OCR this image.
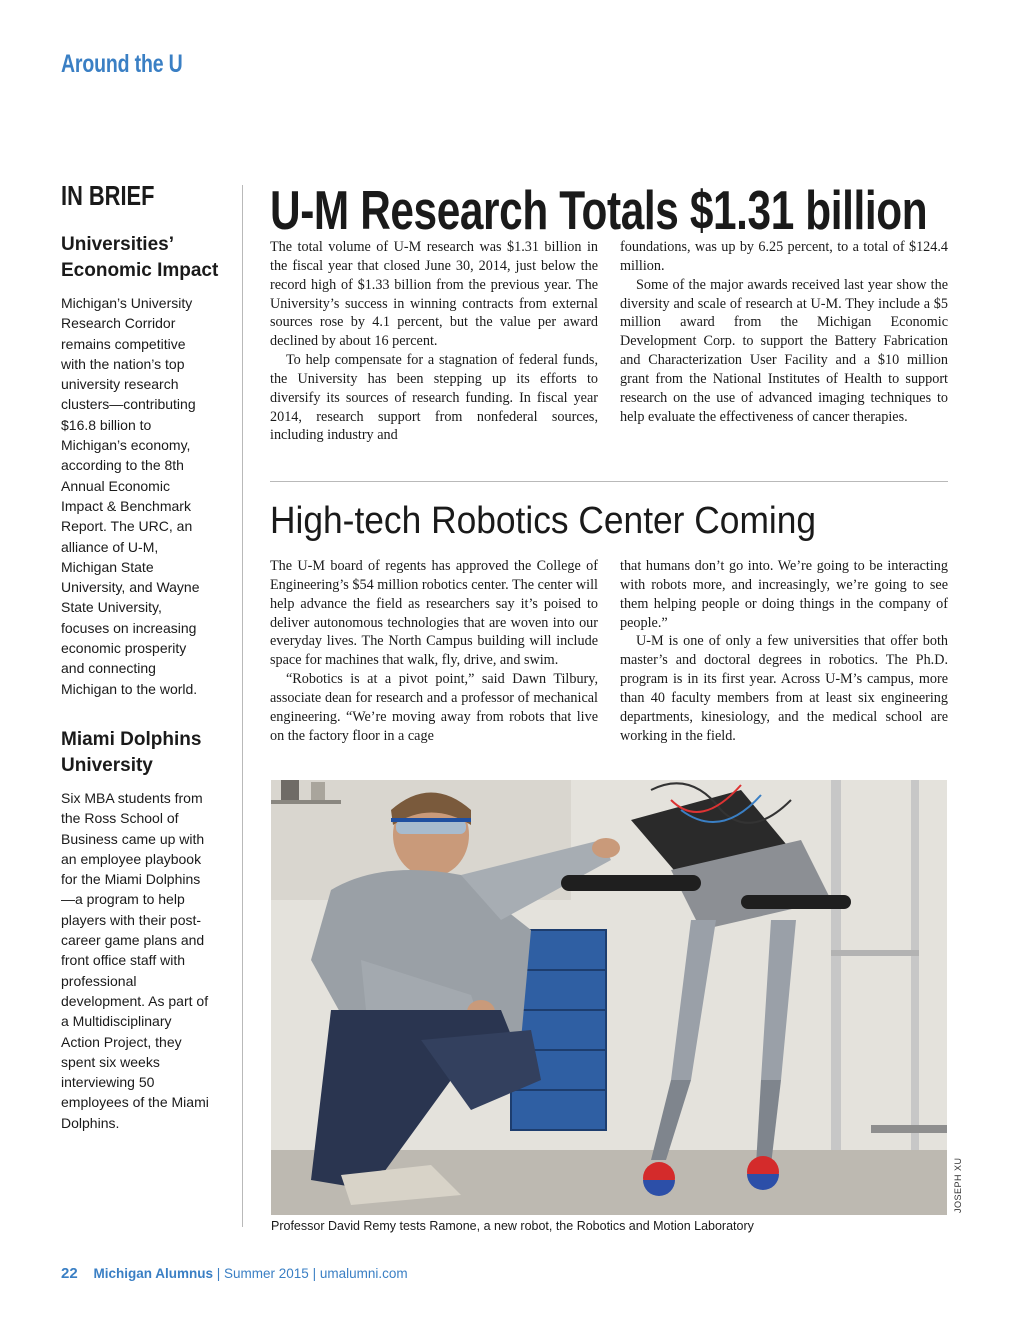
Around the U
IN BRIEF
Universities’ Economic Impact
Michigan’s University Research Corridor remains competitive with the nation’s top university research clusters—contributing $16.8 billion to Michigan’s economy, according to the 8th Annual Economic Impact & Benchmark Report. The URC, an alliance of U-M, Michigan State University, and Wayne State University, focuses on increasing economic prosperity and connecting Michigan to the world.
Miami Dolphins University
Six MBA students from the Ross School of Business came up with an employee playbook for the Miami Dolphins—a program to help players with their post-career game plans and front office staff with professional development. As part of a Multidisciplinary Action Project, they spent six weeks interviewing 50 employees of the Miami Dolphins.
U-M Research Totals $1.31 billion

The total volume of U-M research was $1.31 billion in the fiscal year that closed June 30, 2014, just below the record high of $1.33 billion from the previous year. The University’s success in winning contracts from external sources rose by 4.1 percent, but the value per award declined by about 16 percent.

To help compensate for a stagnation of federal funds, the University has been stepping up its efforts to diversify its sources of research funding. In fiscal year 2014, research support from nonfederal sources, including industry and

foundations, was up by 6.25 percent, to a total of $124.4 million.

Some of the major awards received last year show the diversity and scale of research at U-M. They include a $5 million award from the Michigan Economic Development Corp. to support the Battery Fabrication and Characterization User Facility and a $10 million grant from the National Institutes of Health to support research on the use of advanced imaging techniques to help evaluate the effectiveness of cancer therapies.

High-tech Robotics Center Coming

The U-M board of regents has approved the College of Engineering’s $54 million robotics center. The center will help advance the field as researchers say it’s poised to deliver autonomous technologies that are woven into our everyday lives. The North Campus building will include space for machines that walk, fly, drive, and swim.

“Robotics is at a pivot point,” said Dawn Tilbury, associate dean for research and a professor of mechanical engineering. “We’re moving away from robots that live on the factory floor in a cage

that humans don’t go into. We’re going to be interacting with robots more, and increasingly, we’re going to see them helping people or doing things in the company of people.”

U-M is one of only a few universities that offer both master’s and doctoral degrees in robotics. The Ph.D. program is in its first year. Across U-M’s campus, more than 40 faculty members from at least six engineering departments, kinesiology, and the medical school are working in the field.

JOSEPH XU
Professor David Remy tests Ramone, a new robot, the Robotics and Motion Laboratory
22 Michigan Alumnus | Summer 2015 | umalumni.com
